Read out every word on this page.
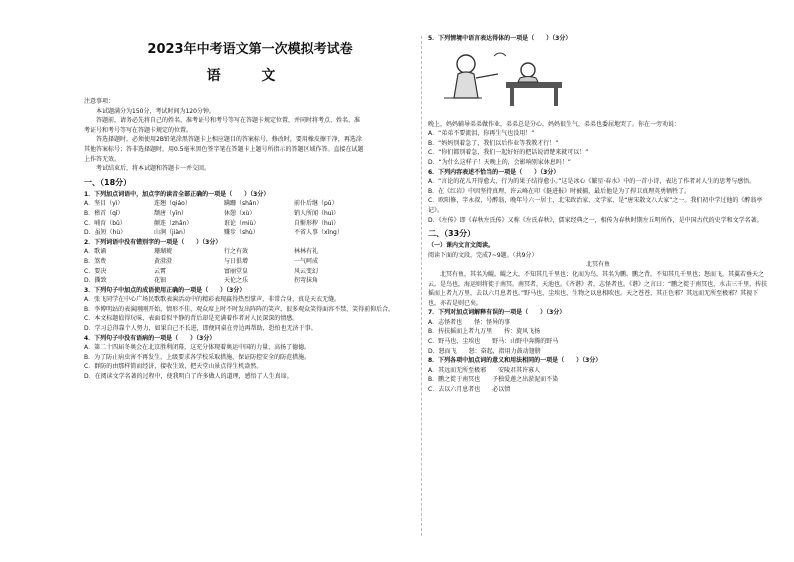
2023年中考语文第一次模拟考试卷
语 文
注意事项：
本试题满分为150分，考试时间为120分钟。
答题前，请务必先将自己的姓名、准考证号和考号等写在答题卡规定位置，并同时将考点、姓名、准
考证号和考号等写在答题卡规定的位置。
答选择题时，必须使用2B铅笔涂黑答题卡上相应题目的答案标号，修改时，要用橡皮擦干净，再选涂
其他答案标号；答非选择题时，用0.5毫米黑色签字笔在答题卡上题号所指示的答题区域作答。直接在试题
上作答无效。
考试结束后，将本试题和答题卡一并交回。
一、（18分）
1．下列加点词语中，加点字的读音全部正确的一项是（　　）（3分）
A．坚目（yì）	连翘（qiáo）	蹒跚（shān）	前仆后继（pū）
B．稽首（qǐ）	颓唐（yīn）	休憩（xù）	销人所闻（huì）
C．哺育（bǔ）	颠连（zhān）	诳论（miù）	自惭形秽（huì）
D．虽短（hù）	山涧（jiàn）	赚步（shù）	不省人事（xǐng）
2．下列词语中没有错别字的一项是（　　）（3分）
A．歌诵	珊瑚琥	行之有效	林林有礼
B．煞费	黄澄澄	与日俱增	一气呵成
C．要决	云霄	富丽堂皇	风云变幻
D．撕致	花钿	天伦之乐	拐弯抹角
3．下列句子中加点的成语使用正确的一项是（　　）（3分）
A．张飞同学在中心广场民歌歌表演活动中的精彩表现赢得热烈掌声，非常合身，真是天衣无缝。
B．李博明站的表演刚刚开始，情形不佳，观众席上时不时发出阵阵的笑声，很多观众笑得面容不禁，笑得前仰后合。
C．本文标题值得玩味，表面看似平静的背后却是充满着作者对人民深深的情感。
D．学习总得靠个人努力，如果自己不长进，即便同桌在旁边再帮助，恐怕也无济于事。
4．下列句子中没有语病的一项是（　　）（3分）
A．第二十四届冬奥会在北京胜利闭幕，这充分体现着奥运中国的力量，高扬了德德。
B．为了防止病虫害不再发生，上级要求各学校采取措施，保证防控安全的防范措施。
C．群防的由那样简而经济，接收生效，把天堂山景点得生机盎然。
D．在阅读文学名著的过程中，使我明白了许多做人的道理，感悟了人生真谛。
5．下列情境中语言表达得体的一项是（　　）（3分）
晚上，妈妈辅导弟弟做作业，弟弟总是分心，妈妈很生气，弟弟也委屈地哭了。你在一旁劝说：
A．“弟弟不要流泪，你再生气也没用！”
B．“妈妈别着急了，我们以后作业等我教才行！”
C．“你们都别着急，我们一起好好的把话说清楚来就可以！”
D．“为什么这样子！天晚上的，会影响别家休息吗！”
6．下列内容表述不恰当的一项是（　　）（3分）
A．“言论的花儿开得愈大，行为的果子结得愈小。”这是冰心《繁星·春水》中的一首小诗，表达了作者对人生的思考与感悟。
B．在《红岩》中因坚持真理，许云峰在印《挺进报》时被捕，最后他是为了捍卫真理英勇牺牲了。
C．欧阳修，字永叔，号醉翁，晚年号六一居士，北宋政治家、文学家，是“唐宋散文八大家”之一。我们初中学过他的《醉翁亭记》。
D．《左传》即《春秋左氏传》又称《左氏春秋》，儒家经典之一，相传为春秋时期左丘明所作，是中国古代的史学和文学名著。
二、（33分）
（一）课内文言文阅读。
阅读下面的文段，完成7~9题。（共9分）
北冥有鱼
北冥有鱼，其名为鲲。鲲之大，不知其几千里也；化而为鸟，其名为鹏。鹏之背，不知其几千里也；怒而飞，其翼若垂天之云。是鸟也，海运则将徙于南冥。南冥者，天池也。《齐谐》者，志怪者也。《谐》之言曰：“鹏之徙于南冥也，水击三千里，抟扶摇而上者九万里，去以六月息者也。”野马也，尘埃也，生物之以息相吹也。天之苍苍，其正色邪？其远而无所至极邪？其视下也，亦若是则已矣。
7．下列对加点词解释有误的一项是（　　）（3分）
A．志怪者也　　怪：怪异的事
B．抟扶摇而上者九万里　　抟：旋风飞扬
C．野马也，尘埃也　　野马：山野中奔腾的野马
D．怒而飞　　怒：奋起，指用力鼓动翅膀
8．下列各项中加点词的意义和用法相同的一项是（　　）（3分）
A．其远而无所至极邪　　安陵君其许寡人
B．鹏之徙于南冥也　　予独爱莲之出淤泥而不染
C．去以六月息者也　　必以情
